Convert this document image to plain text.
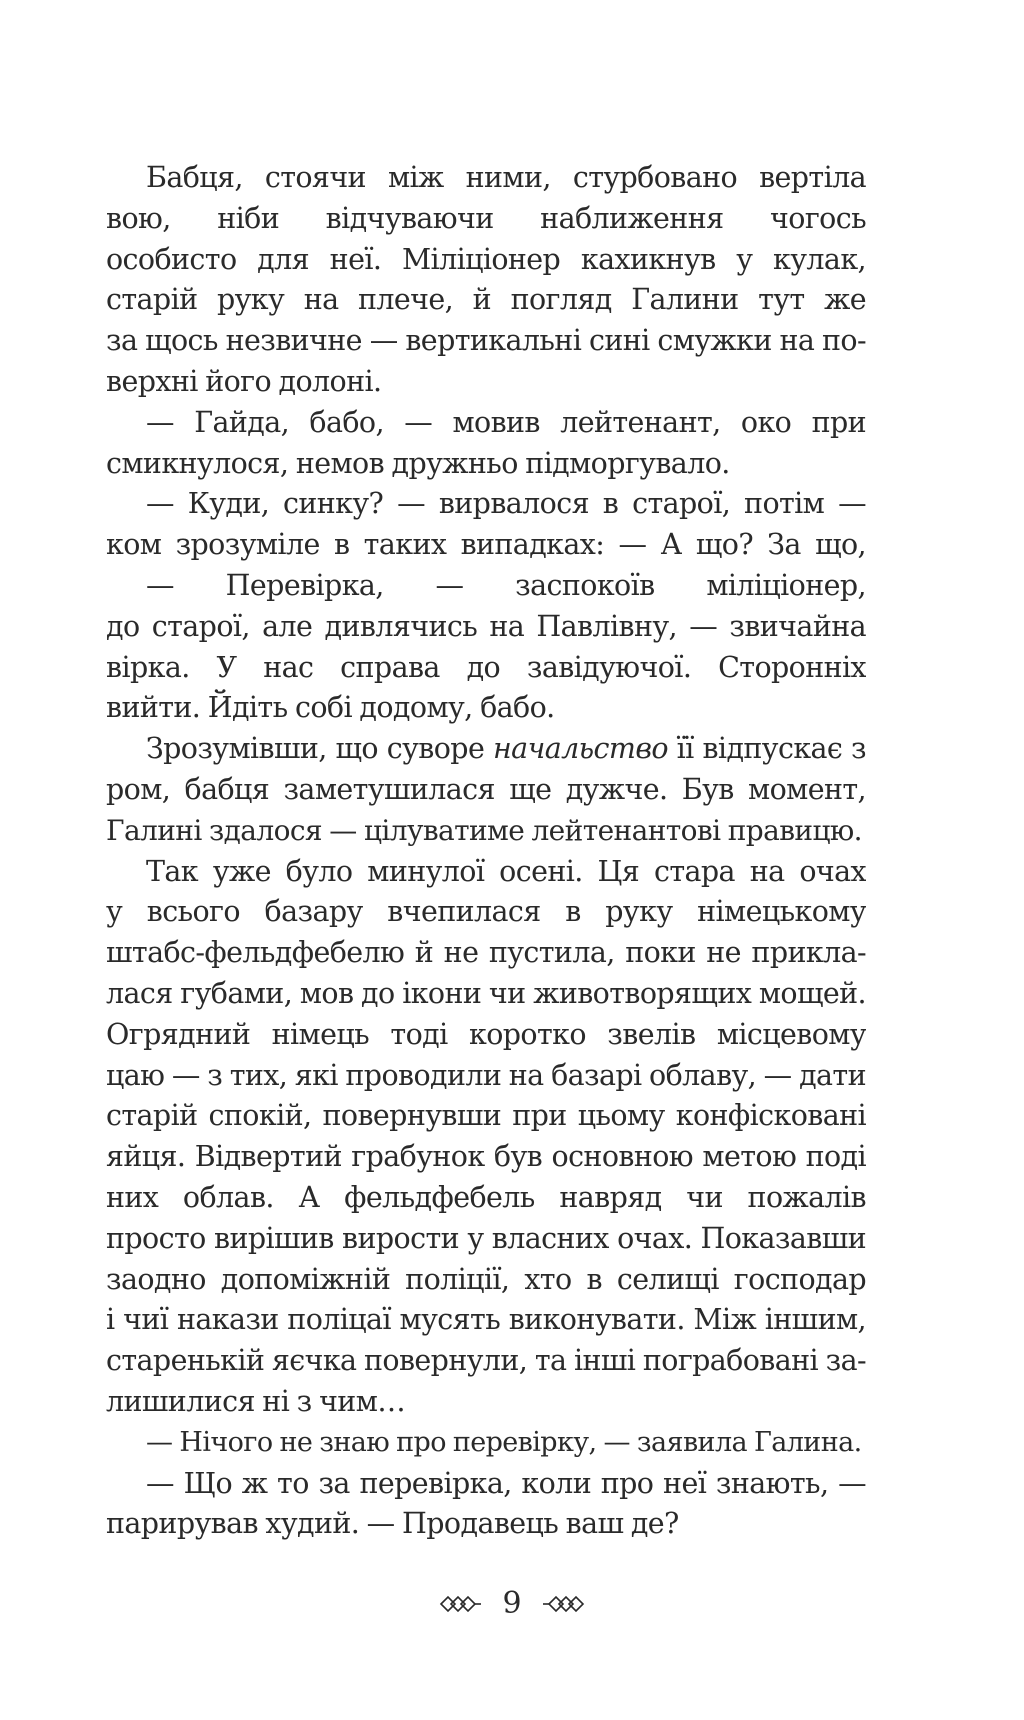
Бабця, стоячи між ними, стурбовано вертіла
вою, ніби відчуваючи наближення чогось
особисто для неї. Міліціонер кахикнув у кулак,
старій руку на плече, й погляд Галини тут же
за щось незвичне — вертикальні сині смужки на по-
верхні його долоні.
— Гайда, бабо, — мовив лейтенант, око при
смикнулося, немов дружньо підморгувало.
— Куди, синку? — вирвалося в старої, потім —
ком зрозуміле в таких випадках: — А що? За що,
— Перевірка, — заспокоїв міліціонер,
до старої, але дивлячись на Павлівну, — звичайна
вірка. У нас справа до завідуючої. Сторонніх
вийти. Йдіть собі додому, бабо.
Зрозумівши, що суворе начальство її відпускає з
ром, бабця заметушилася ще дужче. Був момент,
Галині здалося — цілуватиме лейтенантові правицю.
Так уже було минулої осені. Ця стара на очах
у всього базару вчепилася в руку німецькому
штабс-фельдфебелю й не пустила, поки не прикла-
лася губами, мов до ікони чи животворящих мощей.
Огрядний німець тоді коротко звелів місцевому
цаю — з тих, які проводили на базарі облаву, — дати
старій спокій, повернувши при цьому конфісковані
яйця. Відвертий грабунок був основною метою поді
них облав. А фельдфебель навряд чи пожалів
просто вирішив вирости у власних очах. Показавши
заодно допоміжній поліції, хто в селищі господар
і чиї накази поліцаї мусять виконувати. Між іншим,
старенькій яєчка повернули, та інші пограбовані за-
лишилися ні з чим…
— Нічого не знаю про перевірку, — заявила Галина.
— Що ж то за перевірка, коли про неї знають, —
парирував худий. — Продавець ваш де?
9
